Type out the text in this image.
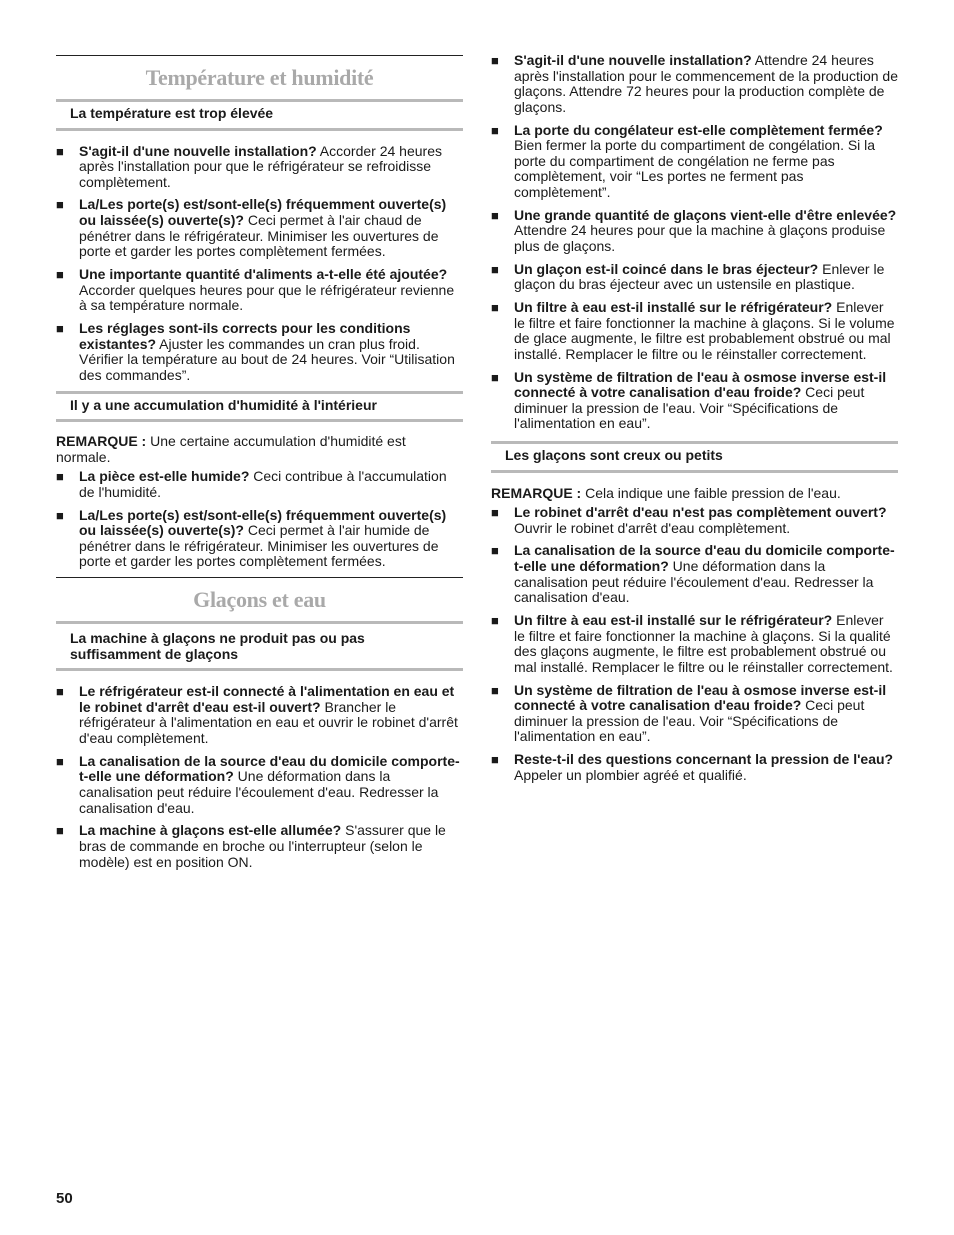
Température et humidité
La température est trop élevée
■ S'agit-il d'une nouvelle installation? Accorder 24 heures après l'installation pour que le réfrigérateur se refroidisse complètement.
■ La/Les porte(s) est/sont-elle(s) fréquemment ouverte(s) ou laissée(s) ouverte(s)? Ceci permet à l'air chaud de pénétrer dans le réfrigérateur. Minimiser les ouvertures de porte et garder les portes complètement fermées.
■ Une importante quantité d'aliments a-t-elle été ajoutée? Accorder quelques heures pour que le réfrigérateur revienne à sa température normale.
■ Les réglages sont-ils corrects pour les conditions existantes? Ajuster les commandes un cran plus froid. Vérifier la température au bout de 24 heures. Voir “Utilisation des commandes”.
Il y a une accumulation d'humidité à l'intérieur

REMARQUE : Une certaine accumulation d'humidité est normale.

■ La pièce est-elle humide? Ceci contribue à l'accumulation de l'humidité.
■ La/Les porte(s) est/sont-elle(s) fréquemment ouverte(s) ou laissée(s) ouverte(s)? Ceci permet à l'air humide de pénétrer dans le réfrigérateur. Minimiser les ouvertures de porte et garder les portes complètement fermées.
Glaçons et eau
La machine à glaçons ne produit pas ou pas suffisamment de glaçons
■ Le réfrigérateur est-il connecté à l'alimentation en eau et le robinet d'arrêt d'eau est-il ouvert? Brancher le réfrigérateur à l'alimentation en eau et ouvrir le robinet d'arrêt d'eau complètement.
■ La canalisation de la source d'eau du domicile comporte-t-elle une déformation? Une déformation dans la canalisation peut réduire l'écoulement d'eau. Redresser la canalisation d'eau.
■ La machine à glaçons est-elle allumée? S'assurer que le bras de commande en broche ou l'interrupteur (selon le modèle) est en position ON.
■ S'agit-il d'une nouvelle installation? Attendre 24 heures après l'installation pour le commencement de la production de glaçons. Attendre 72 heures pour la production complète de glaçons.
■ La porte du congélateur est-elle complètement fermée? Bien fermer la porte du compartiment de congélation. Si la porte du compartiment de congélation ne ferme pas complètement, voir “Les portes ne ferment pas complètement”.
■ Une grande quantité de glaçons vient-elle d'être enlevée? Attendre 24 heures pour que la machine à glaçons produise plus de glaçons.
■ Un glaçon est-il coincé dans le bras éjecteur? Enlever le glaçon du bras éjecteur avec un ustensile en plastique.
■ Un filtre à eau est-il installé sur le réfrigérateur? Enlever le filtre et faire fonctionner la machine à glaçons. Si le volume de glace augmente, le filtre est probablement obstrué ou mal installé. Remplacer le filtre ou le réinstaller correctement.
■ Un système de filtration de l'eau à osmose inverse est-il connecté à votre canalisation d'eau froide? Ceci peut diminuer la pression de l'eau. Voir “Spécifications de l'alimentation en eau”.
Les glaçons sont creux ou petits

REMARQUE : Cela indique une faible pression de l'eau.

■ Le robinet d'arrêt d'eau n'est pas complètement ouvert? Ouvrir le robinet d'arrêt d'eau complètement.
■ La canalisation de la source d'eau du domicile comporte-t-elle une déformation? Une déformation dans la canalisation peut réduire l'écoulement d'eau. Redresser la canalisation d'eau.
■ Un filtre à eau est-il installé sur le réfrigérateur? Enlever le filtre et faire fonctionner la machine à glaçons. Si la qualité des glaçons augmente, le filtre est probablement obstrué ou mal installé. Remplacer le filtre ou le réinstaller correctement.
■ Un système de filtration de l'eau à osmose inverse est-il connecté à votre canalisation d'eau froide? Ceci peut diminuer la pression de l'eau. Voir “Spécifications de l'alimentation en eau”.
■ Reste-t-il des questions concernant la pression de l'eau? Appeler un plombier agréé et qualifié.
50
